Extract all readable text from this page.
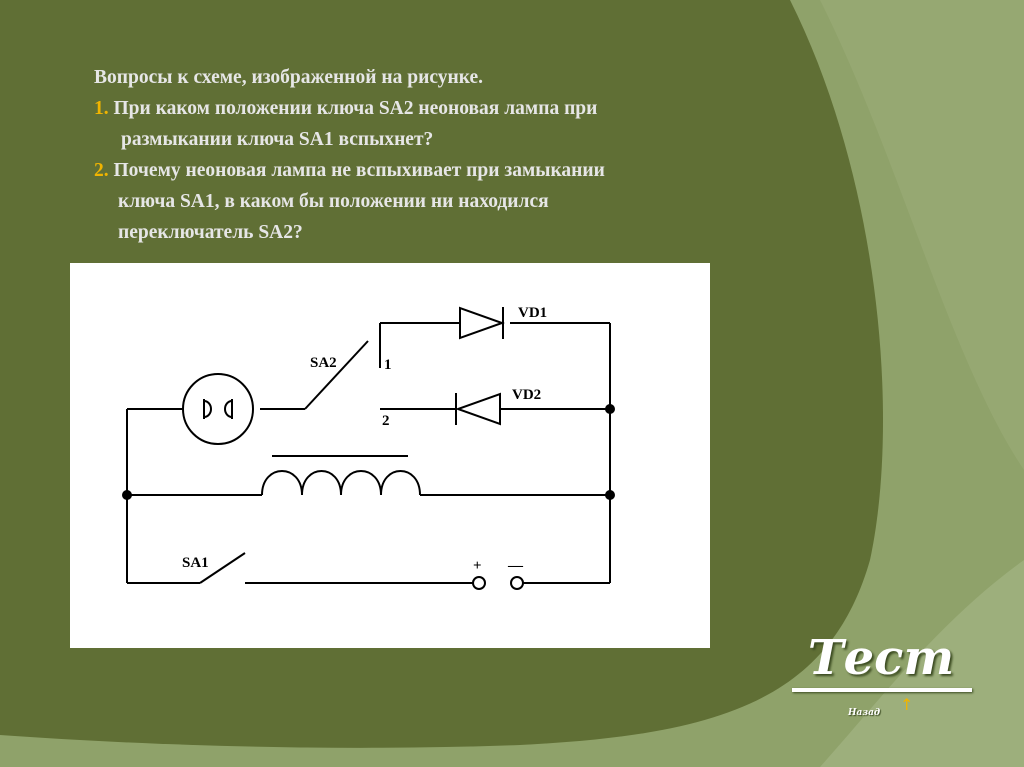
Вопросы к схеме, изображенной на рисунке.
1. При каком положении ключа SA2 неоновая лампа при
размыкании ключа SA1 вспыхнет?
2. Почему неоновая лампа не вспыхивает при замыкании
ключа SA1, в каком бы положении ни находился
переключатель SA2?
VD1
VD2
SA2	1
2
SA1	+ —
Тест
↑
Назад
